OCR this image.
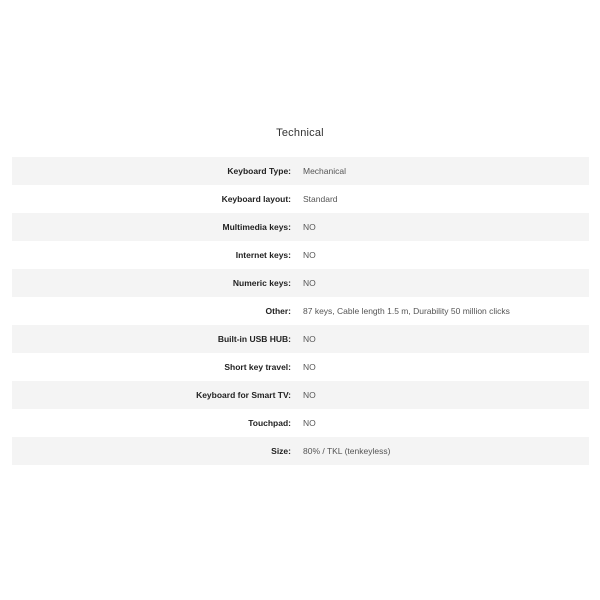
Technical
Keyboard Type:	Mechanical
Keyboard layout:	Standard
Multimedia keys:	NO
Internet keys:	NO
Numeric keys:	NO
Other:	87 keys, Cable length 1.5 m, Durability 50 million clicks
Built-in USB HUB:	NO
Short key travel:	NO
Keyboard for Smart TV:	NO
Touchpad:	NO
Size:	80% / TKL (tenkeyless)
